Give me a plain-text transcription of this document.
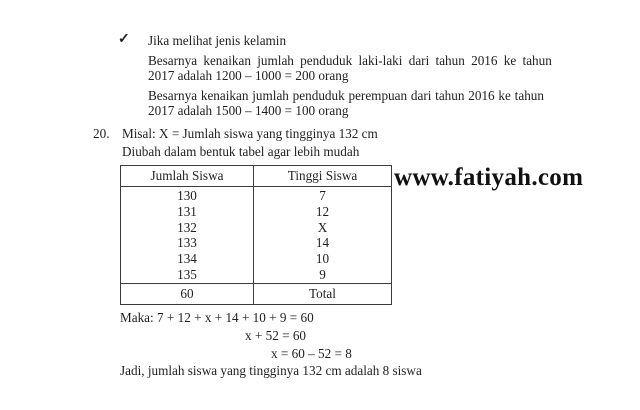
✓ Jika melihat jenis kelamin
Besarnya kenaikan jumlah penduduk laki-laki dari tahun 2016 ke tahun
2017 adalah 1200 – 1000 = 200 orang
Besarnya kenaikan jumlah penduduk perempuan dari tahun 2016 ke tahun
2017 adalah 1500 – 1400 = 100 orang
20. Misal: X = Jumlah siswa yang tingginya 132 cm
Diubah dalam bentuk tabel agar lebih mudah
Jumlah Siswa	Tinggi Siswa
130	7
131	12
132	X
133	14
134	10
135	9
60	Total
www.fatiyah.com
Maka: 7 + 12 + x + 14 + 10 + 9 = 60
x + 52 = 60
x = 60 – 52 = 8
Jadi, jumlah siswa yang tingginya 132 cm adalah 8 siswa
